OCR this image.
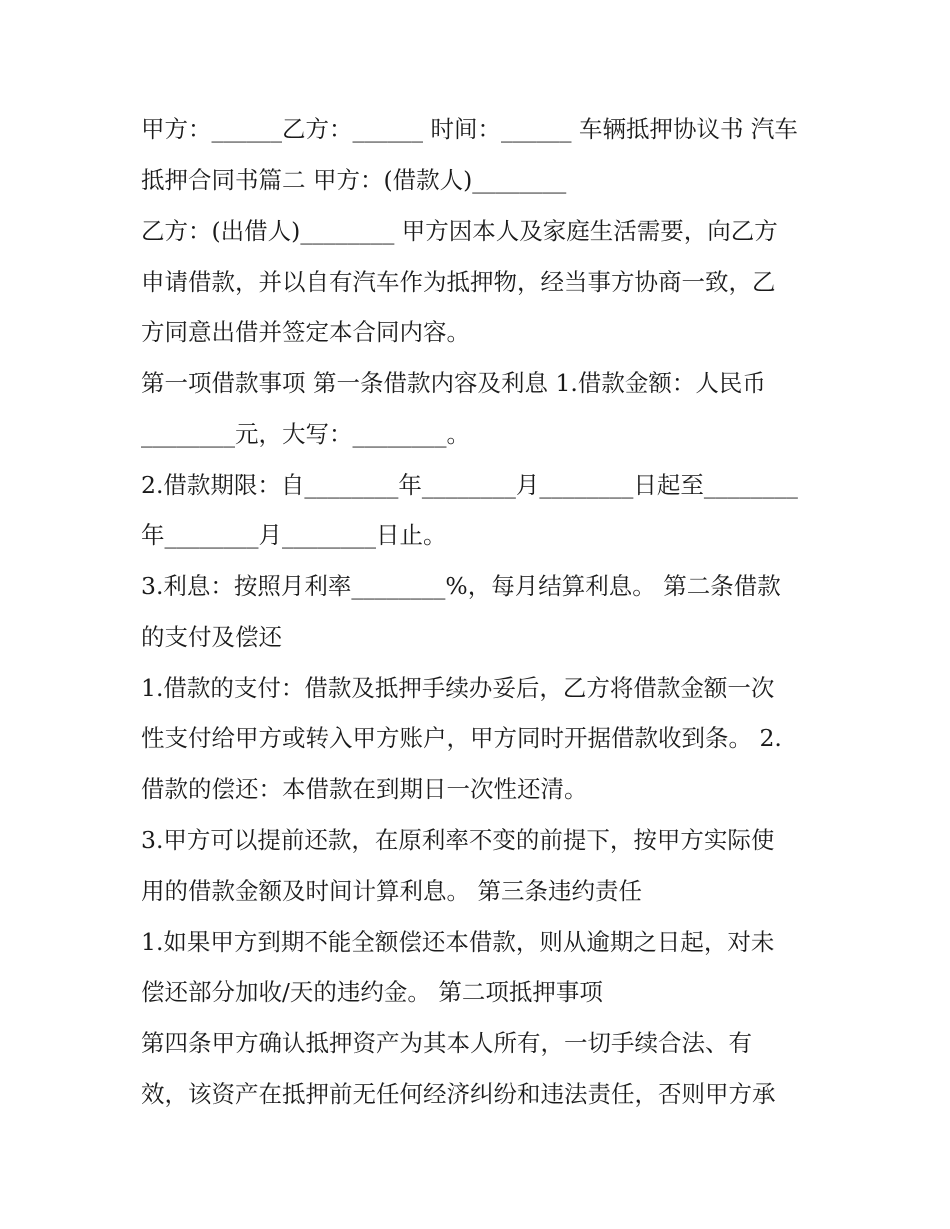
甲方：______乙方：______ 时间：______ 车辆抵押协议书 汽车
抵押合同书篇二 甲方：(借款人)________
乙方：(出借人)________ 甲方因本人及家庭生活需要，向乙方
申请借款，并以自有汽车作为抵押物，经当事方协商一致，乙
方同意出借并签定本合同内容。
第一项借款事项 第一条借款内容及利息 1.借款金额：人民币
________元，大写：________。
2.借款期限：自________年________月________日起至________
年________月________日止。
3.利息：按照月利率________%，每月结算利息。 第二条借款
的支付及偿还
1.借款的支付：借款及抵押手续办妥后，乙方将借款金额一次
性支付给甲方或转入甲方账户，甲方同时开据借款收到条。 2.
借款的偿还：本借款在到期日一次性还清。
3.甲方可以提前还款，在原利率不变的前提下，按甲方实际使
用的借款金额及时间计算利息。 第三条违约责任
1.如果甲方到期不能全额偿还本借款，则从逾期之日起，对未
偿还部分加收/天的违约金。 第二项抵押事项
第四条甲方确认抵押资产为其本人所有，一切手续合法、有
效，该资产在抵押前无任何经济纠纷和违法责任，否则甲方承
